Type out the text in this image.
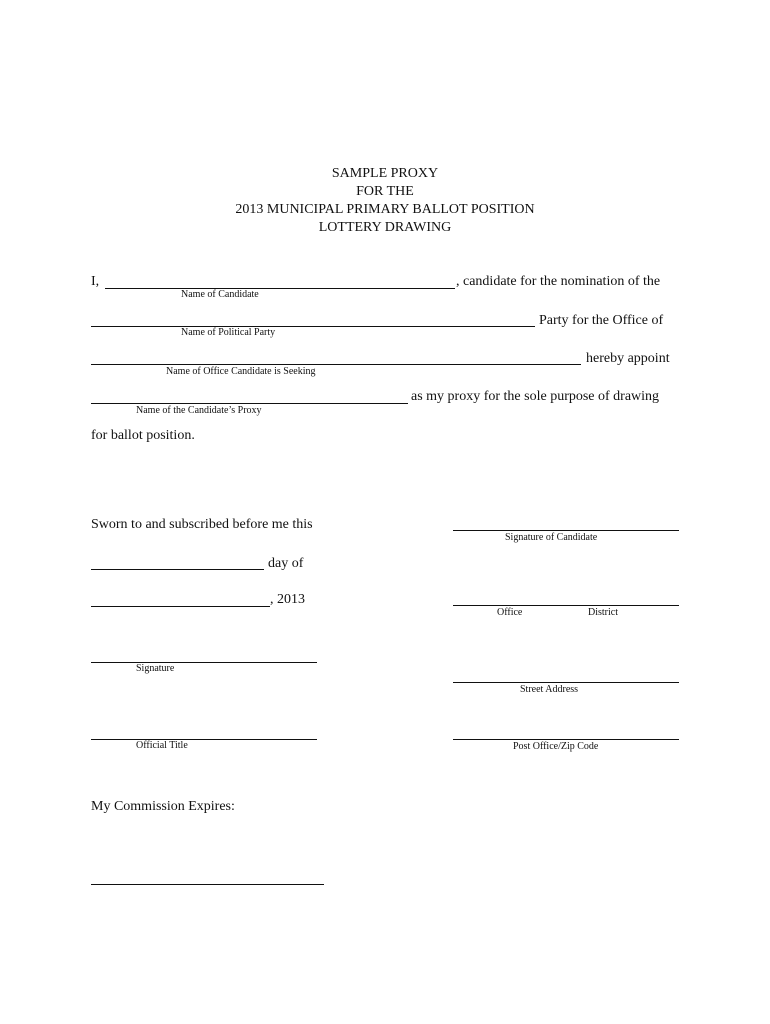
SAMPLE PROXY
FOR THE
2013 MUNICIPAL PRIMARY BALLOT POSITION
LOTTERY DRAWING
I,	, candidate for the nomination of the
Name of Candidate
Party for the Office of
Name of Political Party
hereby appoint
Name of Office Candidate is Seeking
as my proxy for the sole purpose of drawing
Name of the Candidate’s Proxy
for ballot position.
Sworn to and subscribed before me this
day of
, 2013
Signature
Official Title
My Commission Expires:
Signature of Candidate
Office	District
Street Address
Post Office/Zip Code
